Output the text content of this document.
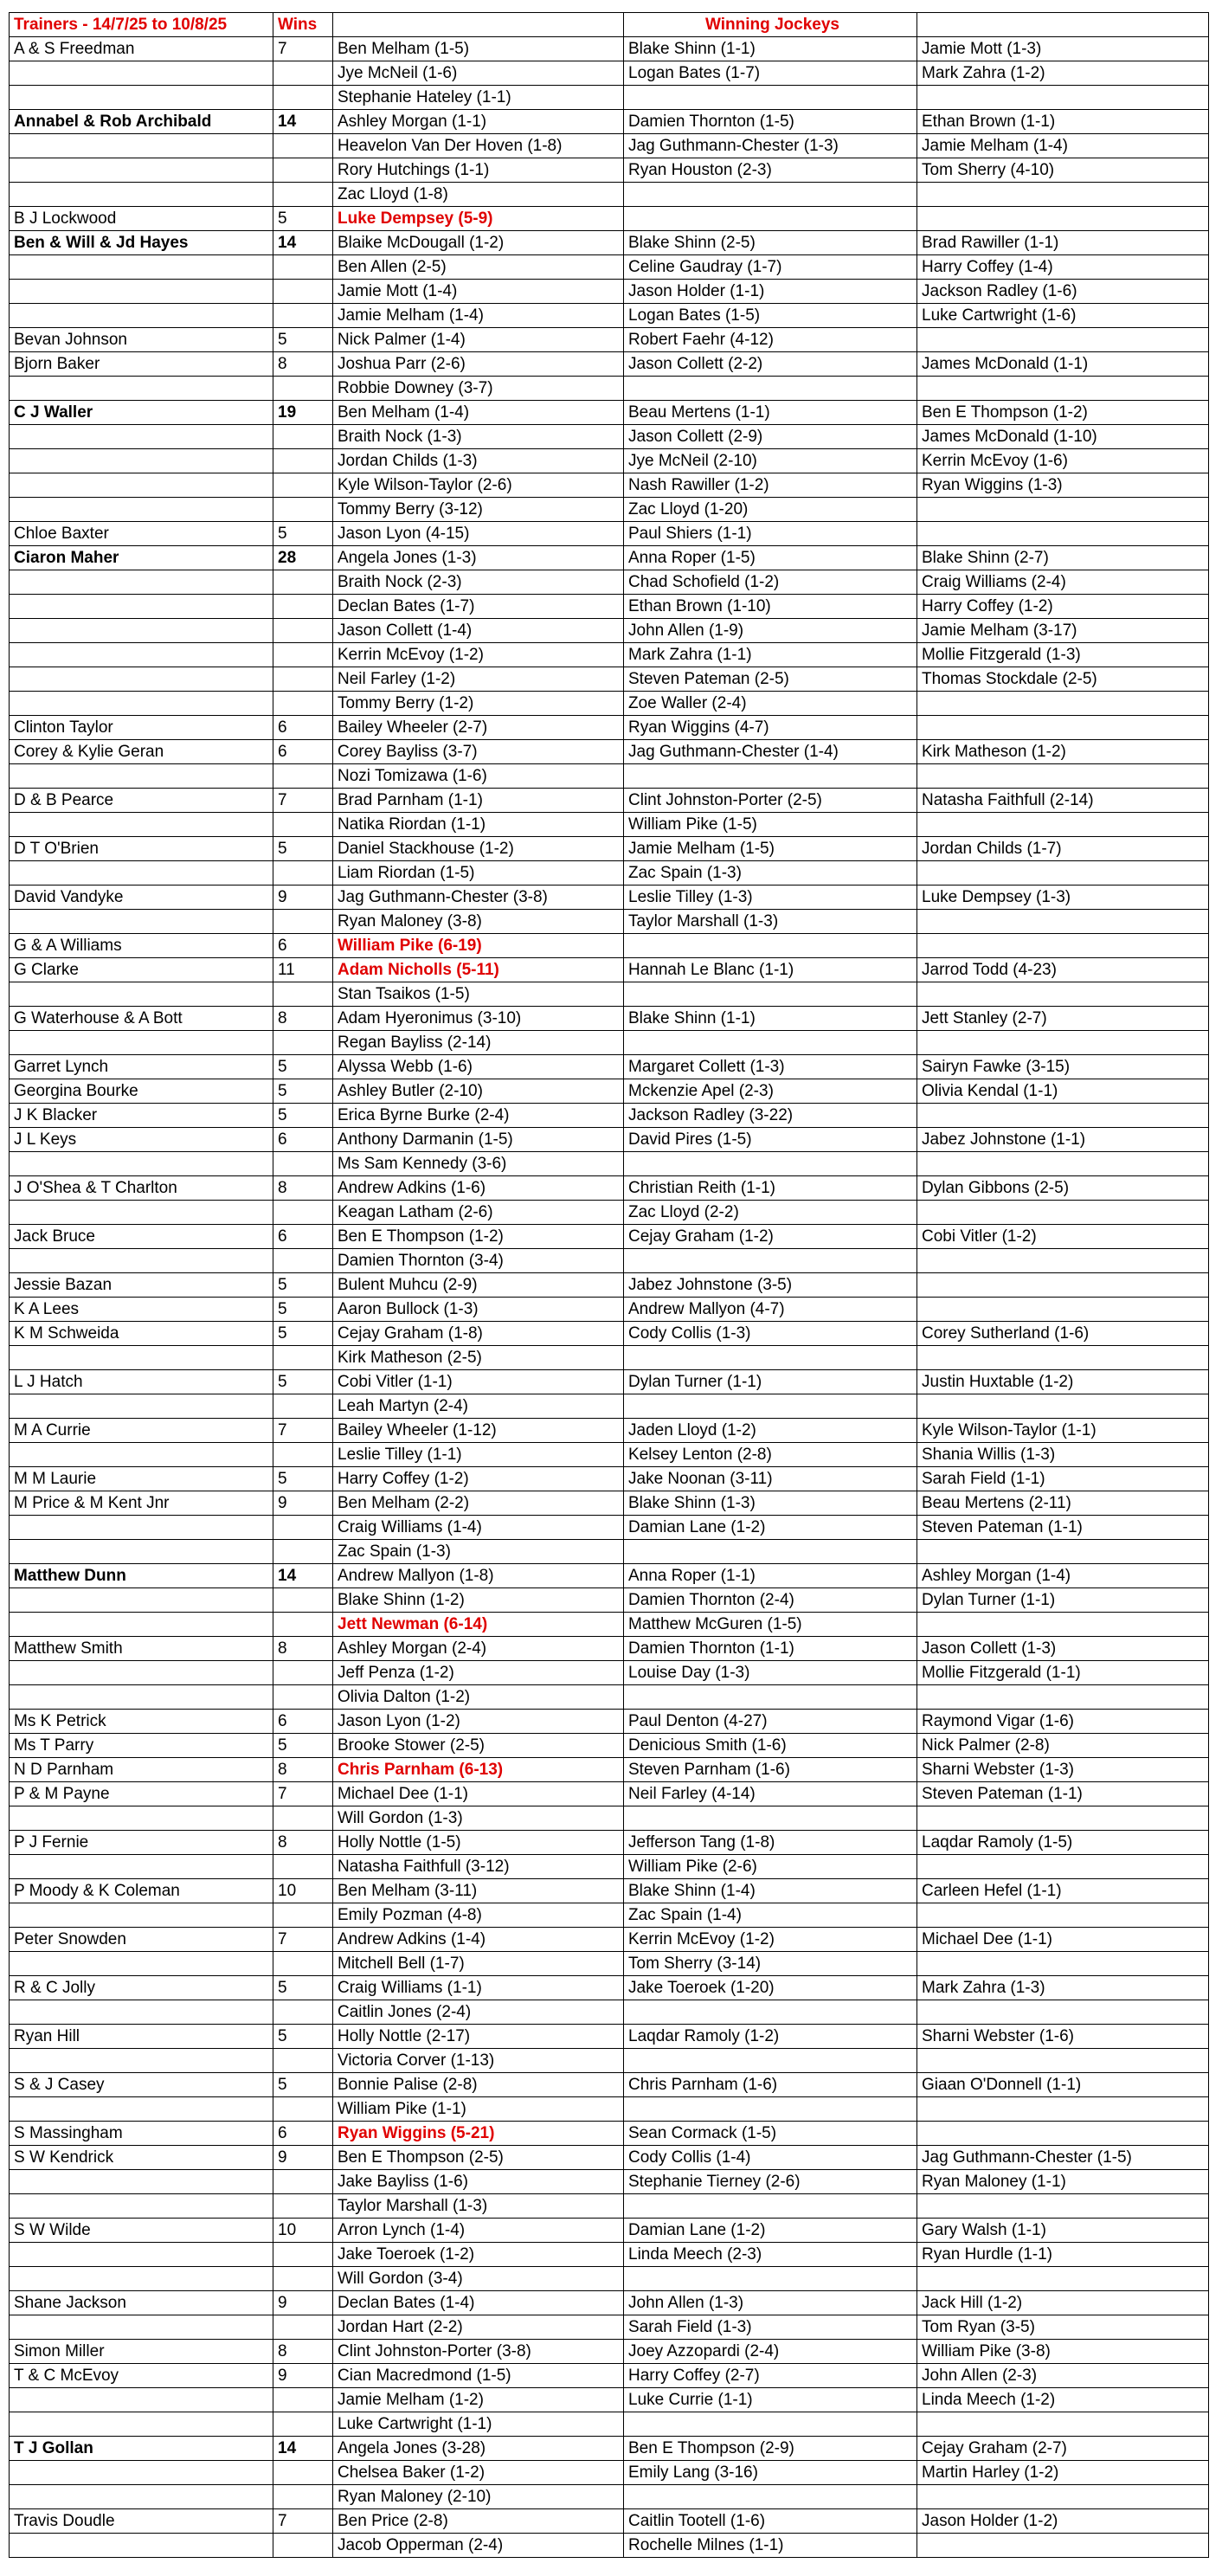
Trainers - 14/7/25 to 10/8/25	Wins		Winning Jockeys	
A & S Freedman	7	Ben Melham (1-5)	Blake Shinn (1-1)	Jamie Mott (1-3)
		Jye McNeil (1-6)	Logan Bates (1-7)	Mark Zahra (1-2)
		Stephanie Hateley (1-1)		
Annabel & Rob Archibald	14	Ashley Morgan (1-1)	Damien Thornton (1-5)	Ethan Brown (1-1)
		Heavelon Van Der Hoven (1-8)	Jag Guthmann-Chester (1-3)	Jamie Melham (1-4)
		Rory Hutchings (1-1)	Ryan Houston (2-3)	Tom Sherry (4-10)
		Zac Lloyd (1-8)		
B J Lockwood	5	Luke Dempsey (5-9)		
Ben & Will & Jd Hayes	14	Blaike McDougall (1-2)	Blake Shinn (2-5)	Brad Rawiller (1-1)
		Ben Allen (2-5)	Celine Gaudray (1-7)	Harry Coffey (1-4)
		Jamie Mott (1-4)	Jason Holder (1-1)	Jackson Radley (1-6)
		Jamie Melham (1-4)	Logan Bates (1-5)	Luke Cartwright (1-6)
Bevan Johnson	5	Nick Palmer (1-4)	Robert Faehr (4-12)	
Bjorn Baker	8	Joshua Parr (2-6)	Jason Collett (2-2)	James McDonald (1-1)
		Robbie Downey (3-7)		
C J Waller	19	Ben Melham (1-4)	Beau Mertens (1-1)	Ben E Thompson (1-2)
		Braith Nock (1-3)	Jason Collett (2-9)	James McDonald (1-10)
		Jordan Childs (1-3)	Jye McNeil (2-10)	Kerrin McEvoy (1-6)
		Kyle Wilson-Taylor (2-6)	Nash Rawiller (1-2)	Ryan Wiggins (1-3)
		Tommy Berry (3-12)	Zac Lloyd (1-20)	
Chloe Baxter	5	Jason Lyon (4-15)	Paul Shiers (1-1)	
Ciaron Maher	28	Angela Jones (1-3)	Anna Roper (1-5)	Blake Shinn (2-7)
		Braith Nock (2-3)	Chad Schofield (1-2)	Craig Williams (2-4)
		Declan Bates (1-7)	Ethan Brown (1-10)	Harry Coffey (1-2)
		Jason Collett (1-4)	John Allen (1-9)	Jamie Melham (3-17)
		Kerrin McEvoy (1-2)	Mark Zahra (1-1)	Mollie Fitzgerald (1-3)
		Neil Farley (1-2)	Steven Pateman (2-5)	Thomas Stockdale (2-5)
		Tommy Berry (1-2)	Zoe Waller (2-4)	
Clinton Taylor	6	Bailey Wheeler (2-7)	Ryan Wiggins (4-7)	
Corey & Kylie Geran	6	Corey Bayliss (3-7)	Jag Guthmann-Chester (1-4)	Kirk Matheson (1-2)
		Nozi Tomizawa (1-6)		
D & B Pearce	7	Brad Parnham (1-1)	Clint Johnston-Porter (2-5)	Natasha Faithfull (2-14)
		Natika Riordan (1-1)	William Pike (1-5)	
D T O'Brien	5	Daniel Stackhouse (1-2)	Jamie Melham (1-5)	Jordan Childs (1-7)
		Liam Riordan (1-5)	Zac Spain (1-3)	
David Vandyke	9	Jag Guthmann-Chester (3-8)	Leslie Tilley (1-3)	Luke Dempsey (1-3)
		Ryan Maloney (3-8)	Taylor Marshall (1-3)	
G & A Williams	6	William Pike (6-19)		
G Clarke	11	Adam Nicholls (5-11)	Hannah Le Blanc (1-1)	Jarrod Todd (4-23)
		Stan Tsaikos (1-5)		
G Waterhouse & A Bott	8	Adam Hyeronimus (3-10)	Blake Shinn (1-1)	Jett Stanley (2-7)
		Regan Bayliss (2-14)		
Garret Lynch	5	Alyssa Webb (1-6)	Margaret Collett (1-3)	Sairyn Fawke (3-15)
Georgina Bourke	5	Ashley Butler (2-10)	Mckenzie Apel (2-3)	Olivia Kendal (1-1)
J K Blacker	5	Erica Byrne Burke (2-4)	Jackson Radley (3-22)	
J L Keys	6	Anthony Darmanin (1-5)	David Pires (1-5)	Jabez Johnstone (1-1)
		Ms Sam Kennedy (3-6)		
J O'Shea & T Charlton	8	Andrew Adkins (1-6)	Christian Reith (1-1)	Dylan Gibbons (2-5)
		Keagan Latham (2-6)	Zac Lloyd (2-2)	
Jack Bruce	6	Ben E Thompson (1-2)	Cejay Graham (1-2)	Cobi Vitler (1-2)
		Damien Thornton (3-4)		
Jessie Bazan	5	Bulent Muhcu (2-9)	Jabez Johnstone (3-5)	
K A Lees	5	Aaron Bullock (1-3)	Andrew Mallyon (4-7)	
K M Schweida	5	Cejay Graham (1-8)	Cody Collis (1-3)	Corey Sutherland (1-6)
		Kirk Matheson (2-5)		
L J Hatch	5	Cobi Vitler (1-1)	Dylan Turner (1-1)	Justin Huxtable (1-2)
		Leah Martyn (2-4)		
M A Currie	7	Bailey Wheeler (1-12)	Jaden Lloyd (1-2)	Kyle Wilson-Taylor (1-1)
		Leslie Tilley (1-1)	Kelsey Lenton (2-8)	Shania Willis (1-3)
M M Laurie	5	Harry Coffey (1-2)	Jake Noonan (3-11)	Sarah Field (1-1)
M Price & M Kent Jnr	9	Ben Melham (2-2)	Blake Shinn (1-3)	Beau Mertens (2-11)
		Craig Williams (1-4)	Damian Lane (1-2)	Steven Pateman (1-1)
		Zac Spain (1-3)		
Matthew Dunn	14	Andrew Mallyon (1-8)	Anna Roper (1-1)	Ashley Morgan (1-4)
		Blake Shinn (1-2)	Damien Thornton (2-4)	Dylan Turner (1-1)
		Jett Newman (6-14)	Matthew McGuren (1-5)	
Matthew Smith	8	Ashley Morgan (2-4)	Damien Thornton (1-1)	Jason Collett (1-3)
		Jeff Penza (1-2)	Louise Day (1-3)	Mollie Fitzgerald (1-1)
		Olivia Dalton (1-2)		
Ms K Petrick	6	Jason Lyon (1-2)	Paul Denton (4-27)	Raymond Vigar (1-6)
Ms T Parry	5	Brooke Stower (2-5)	Denicious Smith (1-6)	Nick Palmer (2-8)
N D Parnham	8	Chris Parnham (6-13)	Steven Parnham (1-6)	Sharni Webster (1-3)
P & M Payne	7	Michael Dee (1-1)	Neil Farley (4-14)	Steven Pateman (1-1)
		Will Gordon (1-3)		
P J Fernie	8	Holly Nottle (1-5)	Jefferson Tang (1-8)	Laqdar Ramoly (1-5)
		Natasha Faithfull (3-12)	William Pike (2-6)	
P Moody & K Coleman	10	Ben Melham (3-11)	Blake Shinn (1-4)	Carleen Hefel (1-1)
		Emily Pozman (4-8)	Zac Spain (1-4)	
Peter Snowden	7	Andrew Adkins (1-4)	Kerrin McEvoy (1-2)	Michael Dee (1-1)
		Mitchell Bell (1-7)	Tom Sherry (3-14)	
R & C Jolly	5	Craig Williams (1-1)	Jake Toeroek (1-20)	Mark Zahra (1-3)
		Caitlin Jones (2-4)		
Ryan Hill	5	Holly Nottle (2-17)	Laqdar Ramoly (1-2)	Sharni Webster (1-6)
		Victoria Corver (1-13)		
S & J Casey	5	Bonnie Palise (2-8)	Chris Parnham (1-6)	Giaan O'Donnell (1-1)
		William Pike (1-1)		
S Massingham	6	Ryan Wiggins (5-21)	Sean Cormack (1-5)	
S W Kendrick	9	Ben E Thompson (2-5)	Cody Collis (1-4)	Jag Guthmann-Chester (1-5)
		Jake Bayliss (1-6)	Stephanie Tierney (2-6)	Ryan Maloney (1-1)
		Taylor Marshall (1-3)		
S W Wilde	10	Arron Lynch (1-4)	Damian Lane (1-2)	Gary Walsh (1-1)
		Jake Toeroek (1-2)	Linda Meech (2-3)	Ryan Hurdle (1-1)
		Will Gordon (3-4)		
Shane Jackson	9	Declan Bates (1-4)	John Allen (1-3)	Jack Hill (1-2)
		Jordan Hart (2-2)	Sarah Field (1-3)	Tom Ryan (3-5)
Simon Miller	8	Clint Johnston-Porter (3-8)	Joey Azzopardi (2-4)	William Pike (3-8)
T & C McEvoy	9	Cian Macredmond (1-5)	Harry Coffey (2-7)	John Allen (2-3)
		Jamie Melham (1-2)	Luke Currie (1-1)	Linda Meech (1-2)
		Luke Cartwright (1-1)		
T J Gollan	14	Angela Jones (3-28)	Ben E Thompson (2-9)	Cejay Graham (2-7)
		Chelsea Baker (1-2)	Emily Lang (3-16)	Martin Harley (1-2)
		Ryan Maloney (2-10)		
Travis Doudle	7	Ben Price (2-8)	Caitlin Tootell (1-6)	Jason Holder (1-2)
		Jacob Opperman (2-4)	Rochelle Milnes (1-1)	
